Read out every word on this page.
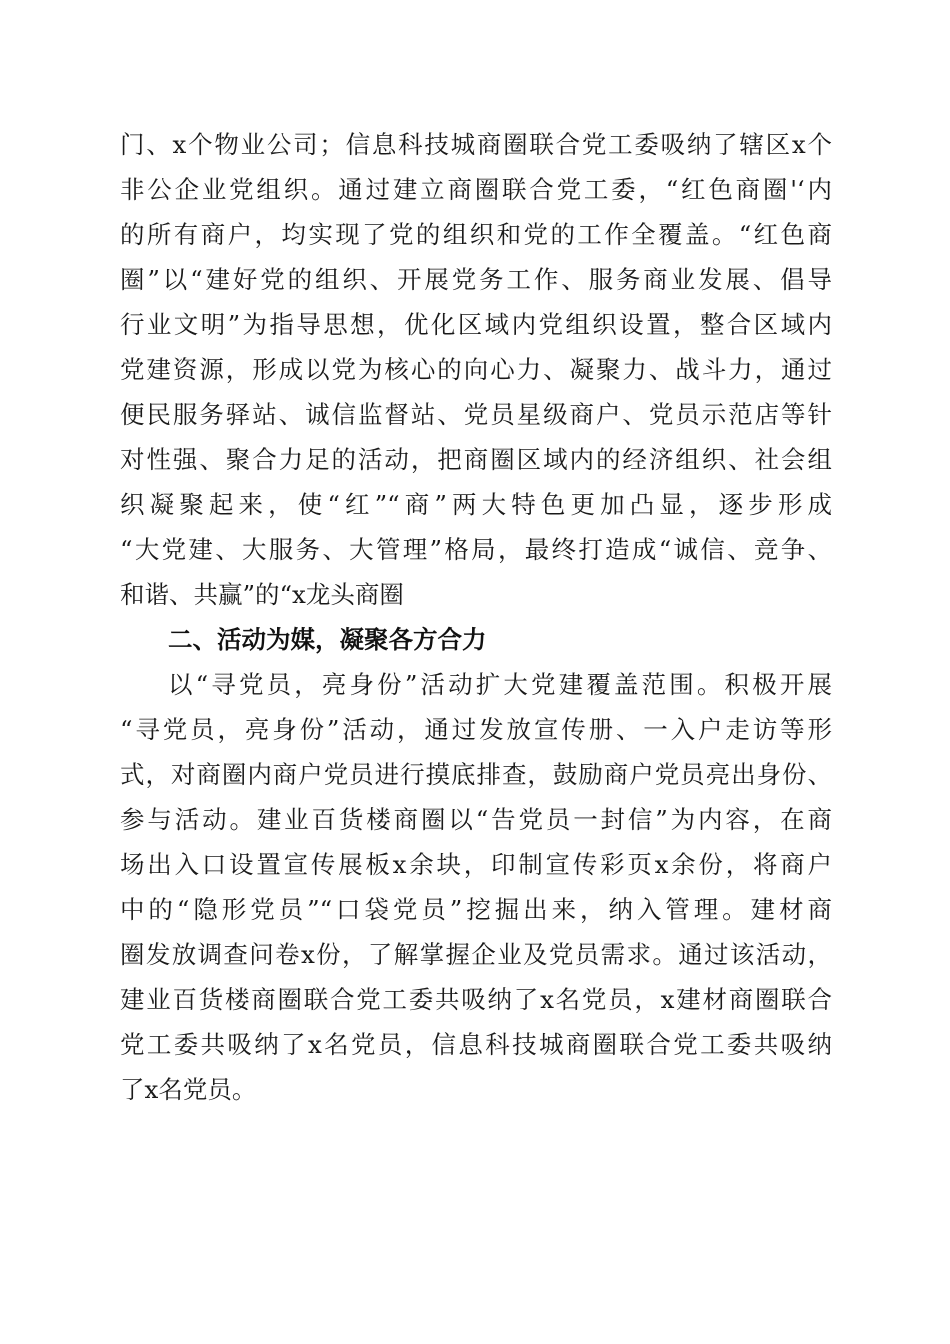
门、x个物业公司；信息科技城商圈联合党工委吸纳了辖区x个
非公企业党组织。通过建立商圈联合党工委，“红色商圈'‘内
的所有商户，均实现了党的组织和党的工作全覆盖。“红色商
圈”以“建好党的组织、开展党务工作、服务商业发展、倡导
行业文明”为指导思想，优化区域内党组织设置，整合区域内
党建资源，形成以党为核心的向心力、凝聚力、战斗力，通过
便民服务驿站、诚信监督站、党员星级商户、党员示范店等针
对性强、聚合力足的活动，把商圈区域内的经济组织、社会组
织凝聚起来，使“红”“商”两大特色更加凸显，逐步形成
“大党建、大服务、大管理”格局，最终打造成“诚信、竞争、
和谐、共赢”的“x龙头商圈
二、活动为媒，凝聚各方合力
以“寻党员，亮身份”活动扩大党建覆盖范围。积极开展
“寻党员，亮身份”活动，通过发放宣传册、一入户走访等形
式，对商圈内商户党员进行摸底排查，鼓励商户党员亮出身份、
参与活动。建业百货楼商圈以“告党员一封信”为内容，在商
场出入口设置宣传展板x余块，印制宣传彩页x余份，将商户
中的“隐形党员”“口袋党员”挖掘出来，纳入管理。建材商
圈发放调查问卷x份，了解掌握企业及党员需求。通过该活动，
建业百货楼商圈联合党工委共吸纳了x名党员，x建材商圈联合
党工委共吸纳了x名党员，信息科技城商圈联合党工委共吸纳
了x名党员。
